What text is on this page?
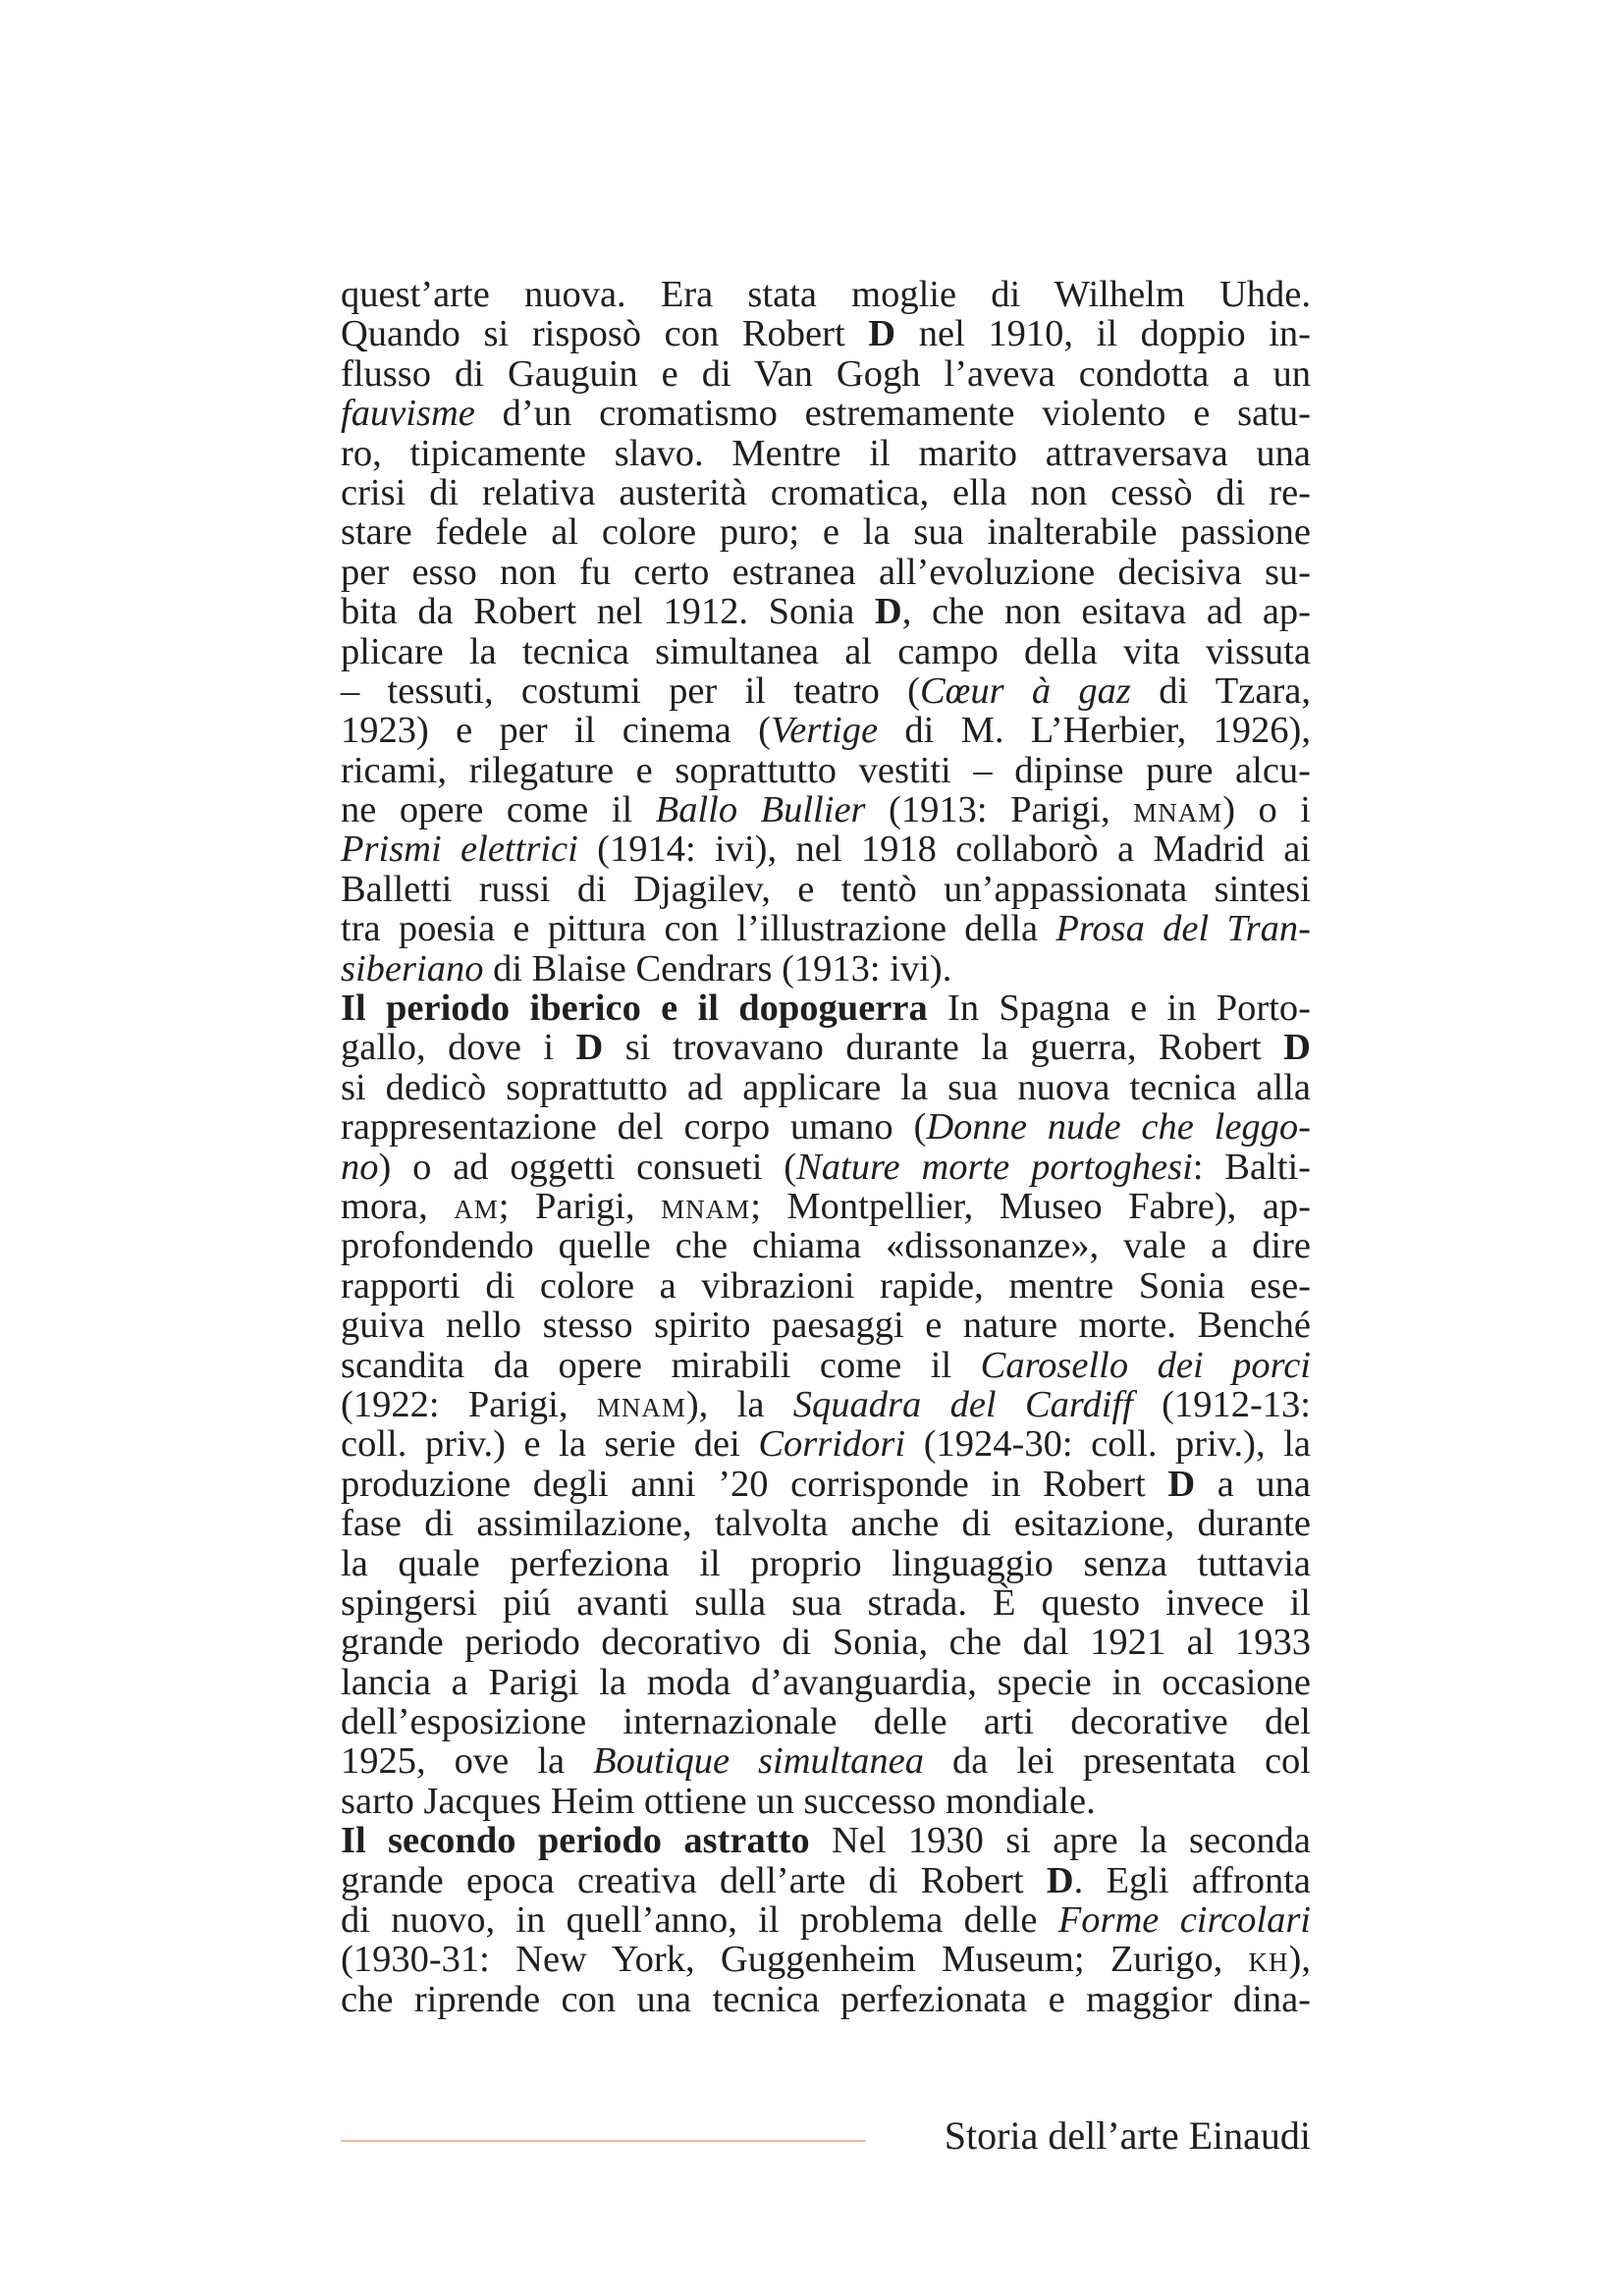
quest’arte nuova. Era stata moglie di Wilhelm Uhde.
Quando si risposò con Robert D nel 1910, il doppio in-
flusso di Gauguin e di Van Gogh l’aveva condotta a un
fauvisme d’un cromatismo estremamente violento e satu-
ro, tipicamente slavo. Mentre il marito attraversava una
crisi di relativa austerità cromatica, ella non cessò di re-
stare fedele al colore puro; e la sua inalterabile passione
per esso non fu certo estranea all’evoluzione decisiva su-
bita da Robert nel 1912. Sonia D, che non esitava ad ap-
plicare la tecnica simultanea al campo della vita vissuta
– tessuti, costumi per il teatro (Cœur à gaz di Tzara,
1923) e per il cinema (Vertige di M. L’Herbier, 1926),
ricami, rilegature e soprattutto vestiti – dipinse pure alcu-
ne opere come il Ballo Bullier (1913: Parigi, mnam) o i
Prismi elettrici (1914: ivi), nel 1918 collaborò a Madrid ai
Balletti russi di Djagilev, e tentò un’appassionata sintesi
tra poesia e pittura con l’illustrazione della Prosa del Tran-
siberiano di Blaise Cendrars (1913: ivi).
Il periodo iberico e il dopoguerra In Spagna e in Porto-
gallo, dove i D si trovavano durante la guerra, Robert D
si dedicò soprattutto ad applicare la sua nuova tecnica alla
rappresentazione del corpo umano (Donne nude che leggo-
no) o ad oggetti consueti (Nature morte portoghesi: Balti-
mora, am; Parigi, mnam; Montpellier, Museo Fabre), ap-
profondendo quelle che chiama «dissonanze», vale a dire
rapporti di colore a vibrazioni rapide, mentre Sonia ese-
guiva nello stesso spirito paesaggi e nature morte. Benché
scandita da opere mirabili come il Carosello dei porci
(1922: Parigi, mnam), la Squadra del Cardiff (1912-13:
coll. priv.) e la serie dei Corridori (1924-30: coll. priv.), la
produzione degli anni ’20 corrisponde in Robert D a una
fase di assimilazione, talvolta anche di esitazione, durante
la quale perfeziona il proprio linguaggio senza tuttavia
spingersi piú avanti sulla sua strada. È questo invece il
grande periodo decorativo di Sonia, che dal 1921 al 1933
lancia a Parigi la moda d’avanguardia, specie in occasione
dell’esposizione internazionale delle arti decorative del
1925, ove la Boutique simultanea da lei presentata col
sarto Jacques Heim ottiene un successo mondiale.
Il secondo periodo astratto Nel 1930 si apre la seconda
grande epoca creativa dell’arte di Robert D. Egli affronta
di nuovo, in quell’anno, il problema delle Forme circolari
(1930-31: New York, Guggenheim Museum; Zurigo, kh),
che riprende con una tecnica perfezionata e maggior dina-
Storia dell’arte Einaudi
